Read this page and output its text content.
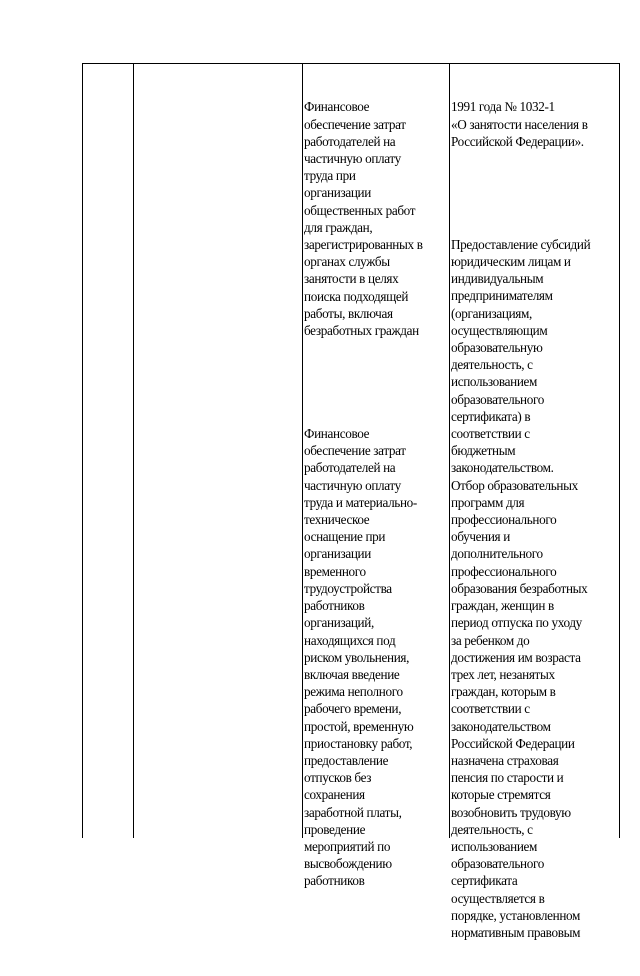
Финансовое
обеспечение затрат
работодателей на
частичную оплату
труда при
организации
общественных работ
для граждан,
зарегистрированных в
органах службы
занятости в целях
поиска подходящей
работы, включая
безработных граждан

Финансовое
обеспечение затрат
работодателей на
частичную оплату
труда и материально-
техническое
оснащение при
организации
временного
трудоустройства
работников
организаций,
находящихся под
риском увольнения,
включая введение
режима неполного
рабочего времени,
простой, временную
приостановку работ,
предоставление
отпусков без
сохранения
заработной платы,
проведение
мероприятий по
высвобождению
работников

1991 года № 1032-1
«О занятости населения в
Российской Федерации».

Предоставление субсидий
юридическим лицам и
индивидуальным
предпринимателям
(организациям,
осуществляющим
образовательную
деятельность, с
использованием
образовательного
сертификата) в
соответствии с
бюджетным
законодательством.
Отбор образовательных
программ для
профессионального
обучения и
дополнительного
профессионального
образования безработных
граждан, женщин в
период отпуска по уходу
за ребенком до
достижения им возраста
трех лет, незанятых
граждан, которым в
соответствии с
законодательством
Российской Федерации
назначена страховая
пенсия по старости и
которые стремятся
возобновить трудовую
деятельность, с
использованием
образовательного
сертификата
осуществляется в
порядке, установленном
нормативным правовым
